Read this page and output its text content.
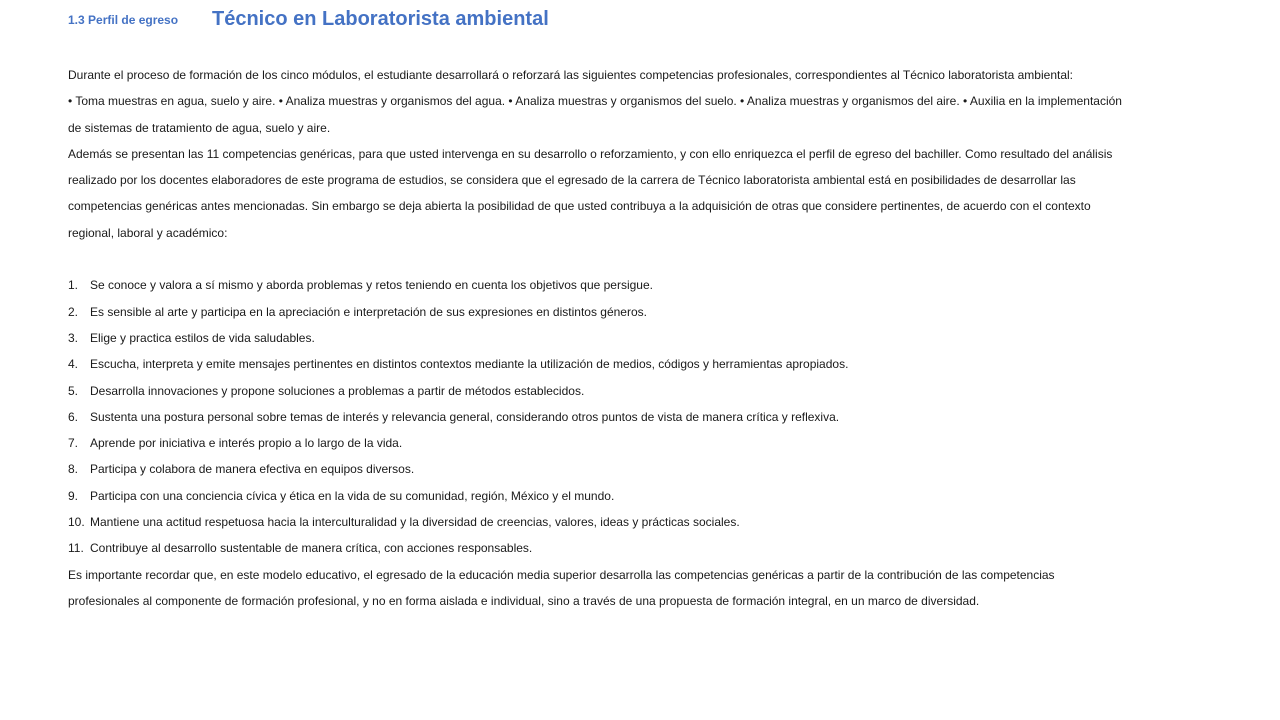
1.3 Perfil de egreso Técnico en Laboratorista ambiental

Durante el proceso de formación de los cinco módulos, el estudiante desarrollará o reforzará las siguientes competencias profesionales, correspondientes al Técnico laboratorista ambiental:

• Toma muestras en agua, suelo y aire. • Analiza muestras y organismos del agua. • Analiza muestras y organismos del suelo. • Analiza muestras y organismos del aire. • Auxilia en la implementación de sistemas de tratamiento de agua, suelo y aire.

Además se presentan las 11 competencias genéricas, para que usted intervenga en su desarrollo o reforzamiento, y con ello enriquezca el perfil de egreso del bachiller. Como resultado del análisis realizado por los docentes elaboradores de este programa de estudios, se considera que el egresado de la carrera de Técnico laboratorista ambiental está en posibilidades de desarrollar las competencias genéricas antes mencionadas. Sin embargo se deja abierta la posibilidad de que usted contribuya a la adquisición de otras que considere pertinentes, de acuerdo con el contexto regional, laboral y académico:

1. Se conoce y valora a sí mismo y aborda problemas y retos teniendo en cuenta los objetivos que persigue.
2. Es sensible al arte y participa en la apreciación e interpretación de sus expresiones en distintos géneros.
3. Elige y practica estilos de vida saludables.
4. Escucha, interpreta y emite mensajes pertinentes en distintos contextos mediante la utilización de medios, códigos y herramientas apropiados.
5. Desarrolla innovaciones y propone soluciones a problemas a partir de métodos establecidos.
6. Sustenta una postura personal sobre temas de interés y relevancia general, considerando otros puntos de vista de manera crítica y reflexiva.
7. Aprende por iniciativa e interés propio a lo largo de la vida.
8. Participa y colabora de manera efectiva en equipos diversos.
9. Participa con una conciencia cívica y ética en la vida de su comunidad, región, México y el mundo.
10. Mantiene una actitud respetuosa hacia la interculturalidad y la diversidad de creencias, valores, ideas y prácticas sociales.
11. Contribuye al desarrollo sustentable de manera crítica, con acciones responsables.

Es importante recordar que, en este modelo educativo, el egresado de la educación media superior desarrolla las competencias genéricas a partir de la contribución de las competencias profesionales al componente de formación profesional, y no en forma aislada e individual, sino a través de una propuesta de formación integral, en un marco de diversidad.
